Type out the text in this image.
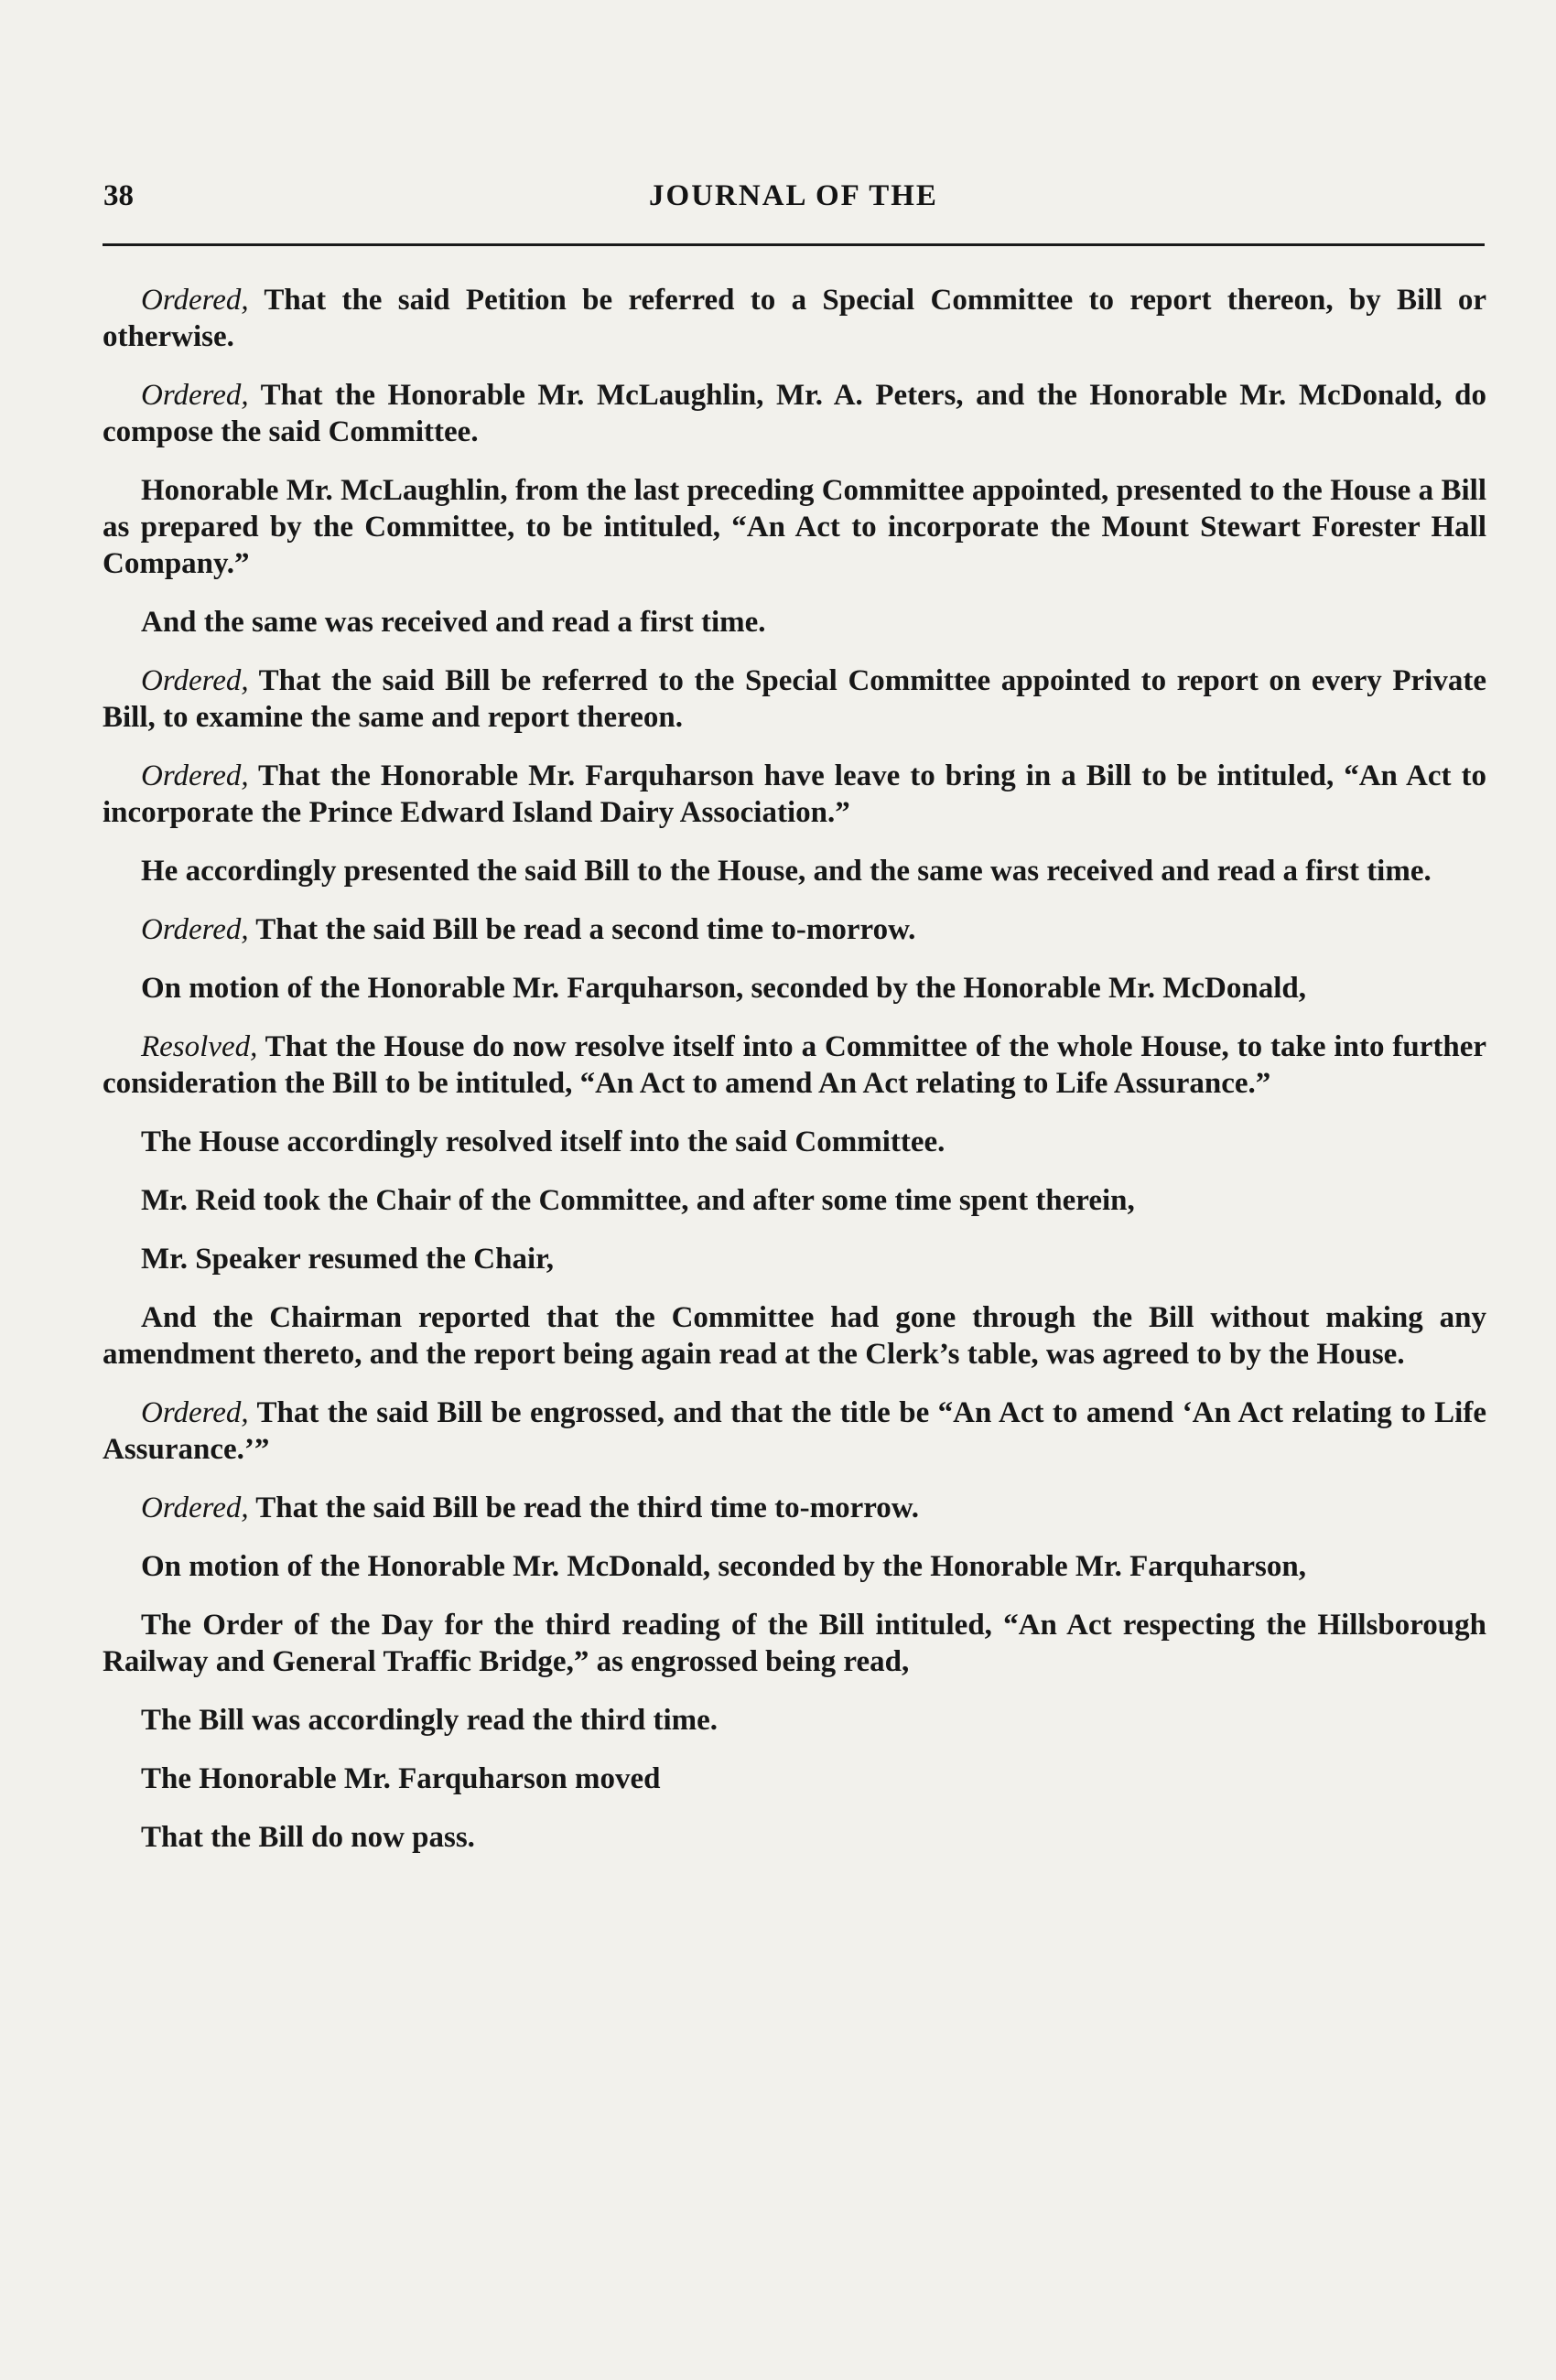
38	JOURNAL OF THE

Ordered, That the said Petition be referred to a Special Committee to report thereon, by Bill or otherwise.

Ordered, That the Honorable Mr. McLaughlin, Mr. A. Peters, and the Honorable Mr. McDonald, do compose the said Committee.

Honorable Mr. McLaughlin, from the last preceding Committee appointed, presented to the House a Bill as prepared by the Committee, to be intituled, “An Act to incorporate the Mount Stewart Forester Hall Company.”

And the same was received and read a first time.

Ordered, That the said Bill be referred to the Special Committee appointed to report on every Private Bill, to examine the same and report thereon.

Ordered, That the Honorable Mr. Farquharson have leave to bring in a Bill to be intituled, “An Act to incorporate the Prince Edward Island Dairy Association.”

He accordingly presented the said Bill to the House, and the same was received and read a first time.

Ordered, That the said Bill be read a second time to-morrow.

On motion of the Honorable Mr. Farquharson, seconded by the Honorable Mr. McDonald,

Resolved, That the House do now resolve itself into a Committee of the whole House, to take into further consideration the Bill to be intituled, “An Act to amend An Act relating to Life Assurance.”

The House accordingly resolved itself into the said Committee.

Mr. Reid took the Chair of the Committee, and after some time spent therein,

Mr. Speaker resumed the Chair,

And the Chairman reported that the Committee had gone through the Bill without making any amendment thereto, and the report being again read at the Clerk’s table, was agreed to by the House.

Ordered, That the said Bill be engrossed, and that the title be “An Act to amend ‘An Act relating to Life Assurance.’”

Ordered, That the said Bill be read the third time to-morrow.

On motion of the Honorable Mr. McDonald, seconded by the Honorable Mr. Farquharson,

The Order of the Day for the third reading of the Bill intituled, “An Act respecting the Hillsborough Railway and General Traffic Bridge,” as engrossed being read,

The Bill was accordingly read the third time.

The Honorable Mr. Farquharson moved

That the Bill do now pass.
